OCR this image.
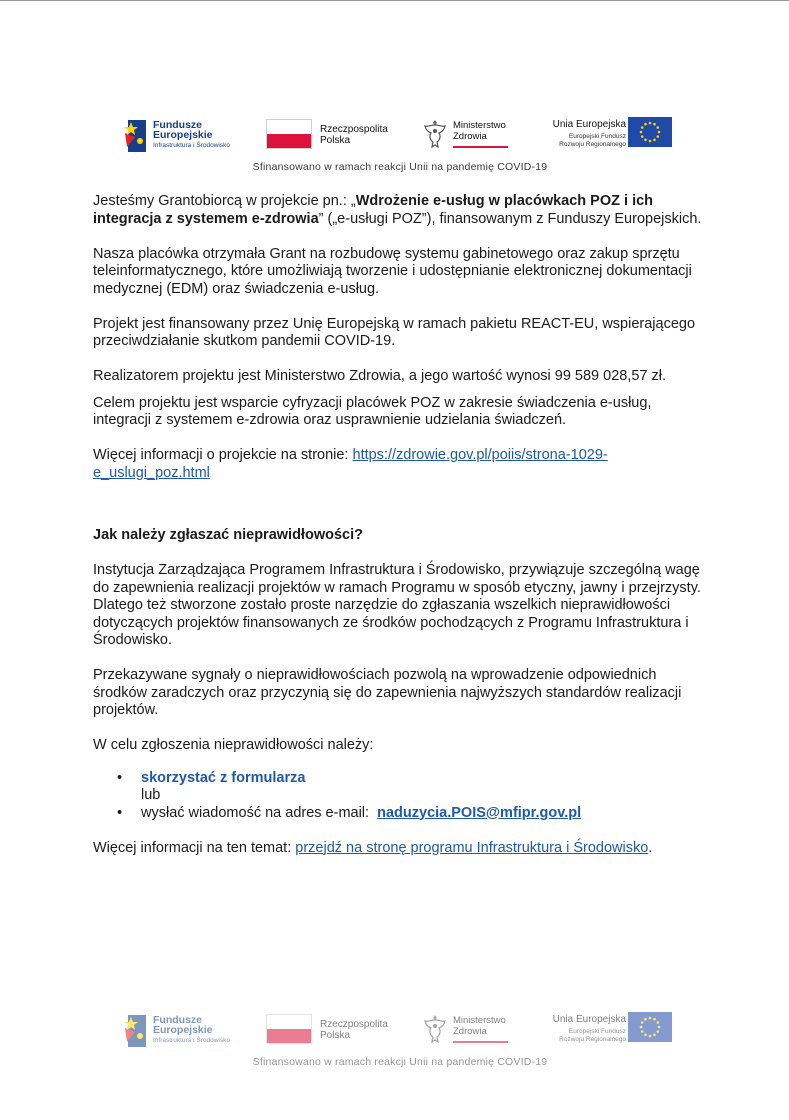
Fundusze
Europejskie
Infrastruktura i Środowisko
Rzeczpospolita
Polska
Ministerstwo
Zdrowia
Unia Europejska
Europejski Fundusz
Rozwoju Regionalnego
Sfinansowano w ramach reakcji Unii na pandemię COVID-19

Jesteśmy Grantobiorcą w projekcie pn.: „Wdrożenie e-usług w placówkach POZ i ich integracja z systemem e-zdrowia” („e-usługi POZ”), finansowanym z Funduszy Europejskich.

Nasza placówka otrzymała Grant na rozbudowę systemu gabinetowego oraz zakup sprzętu teleinformatycznego, które umożliwiają tworzenie i udostępnianie elektronicznej dokumentacji medycznej (EDM) oraz świadczenia e-usług.

Projekt jest finansowany przez Unię Europejską w ramach pakietu REACT-EU, wspierającego przeciwdziałanie skutkom pandemii COVID-19.

Realizatorem projektu jest Ministerstwo Zdrowia, a jego wartość wynosi 99 589 028,57 zł.

Celem projektu jest wsparcie cyfryzacji placówek POZ w zakresie świadczenia e-usług, integracji z systemem e-zdrowia oraz usprawnienie udzielania świadczeń.

Więcej informacji o projekcie na stronie: https://zdrowie.gov.pl/poiis/strona-1029-
e_uslugi_poz.html

Jak należy zgłaszać nieprawidłowości?

Instytucja Zarządzająca Programem Infrastruktura i Środowisko, przywiązuje szczególną wagę do zapewnienia realizacji projektów w ramach Programu w sposób etyczny, jawny i przejrzysty. Dlatego też stworzone zostało proste narzędzie do zgłaszania wszelkich nieprawidłowości dotyczących projektów finansowanych ze środków pochodzących z Programu Infrastruktura i Środowisko.

Przekazywane sygnały o nieprawidłowościach pozwolą na wprowadzenie odpowiednich środków zaradczych oraz przyczynią się do zapewnienia najwyższych standardów realizacji projektów.

W celu zgłoszenia nieprawidłowości należy:

• skorzystać z formularza
lub
• wysłać wiadomość na adres e-mail:  naduzycia.POIS@mfipr.gov.pl

Więcej informacji na ten temat: przejdź na stronę programu Infrastruktura i Środowisko.

Fundusze
Europejskie
Infrastruktura i Środowisko
Rzeczpospolita
Polska
Ministerstwo
Zdrowia
Unia Europejska
Europejski Fundusz
Rozwoju Regionalnego
Sfinansowano w ramach reakcji Unii na pandemię COVID-19
